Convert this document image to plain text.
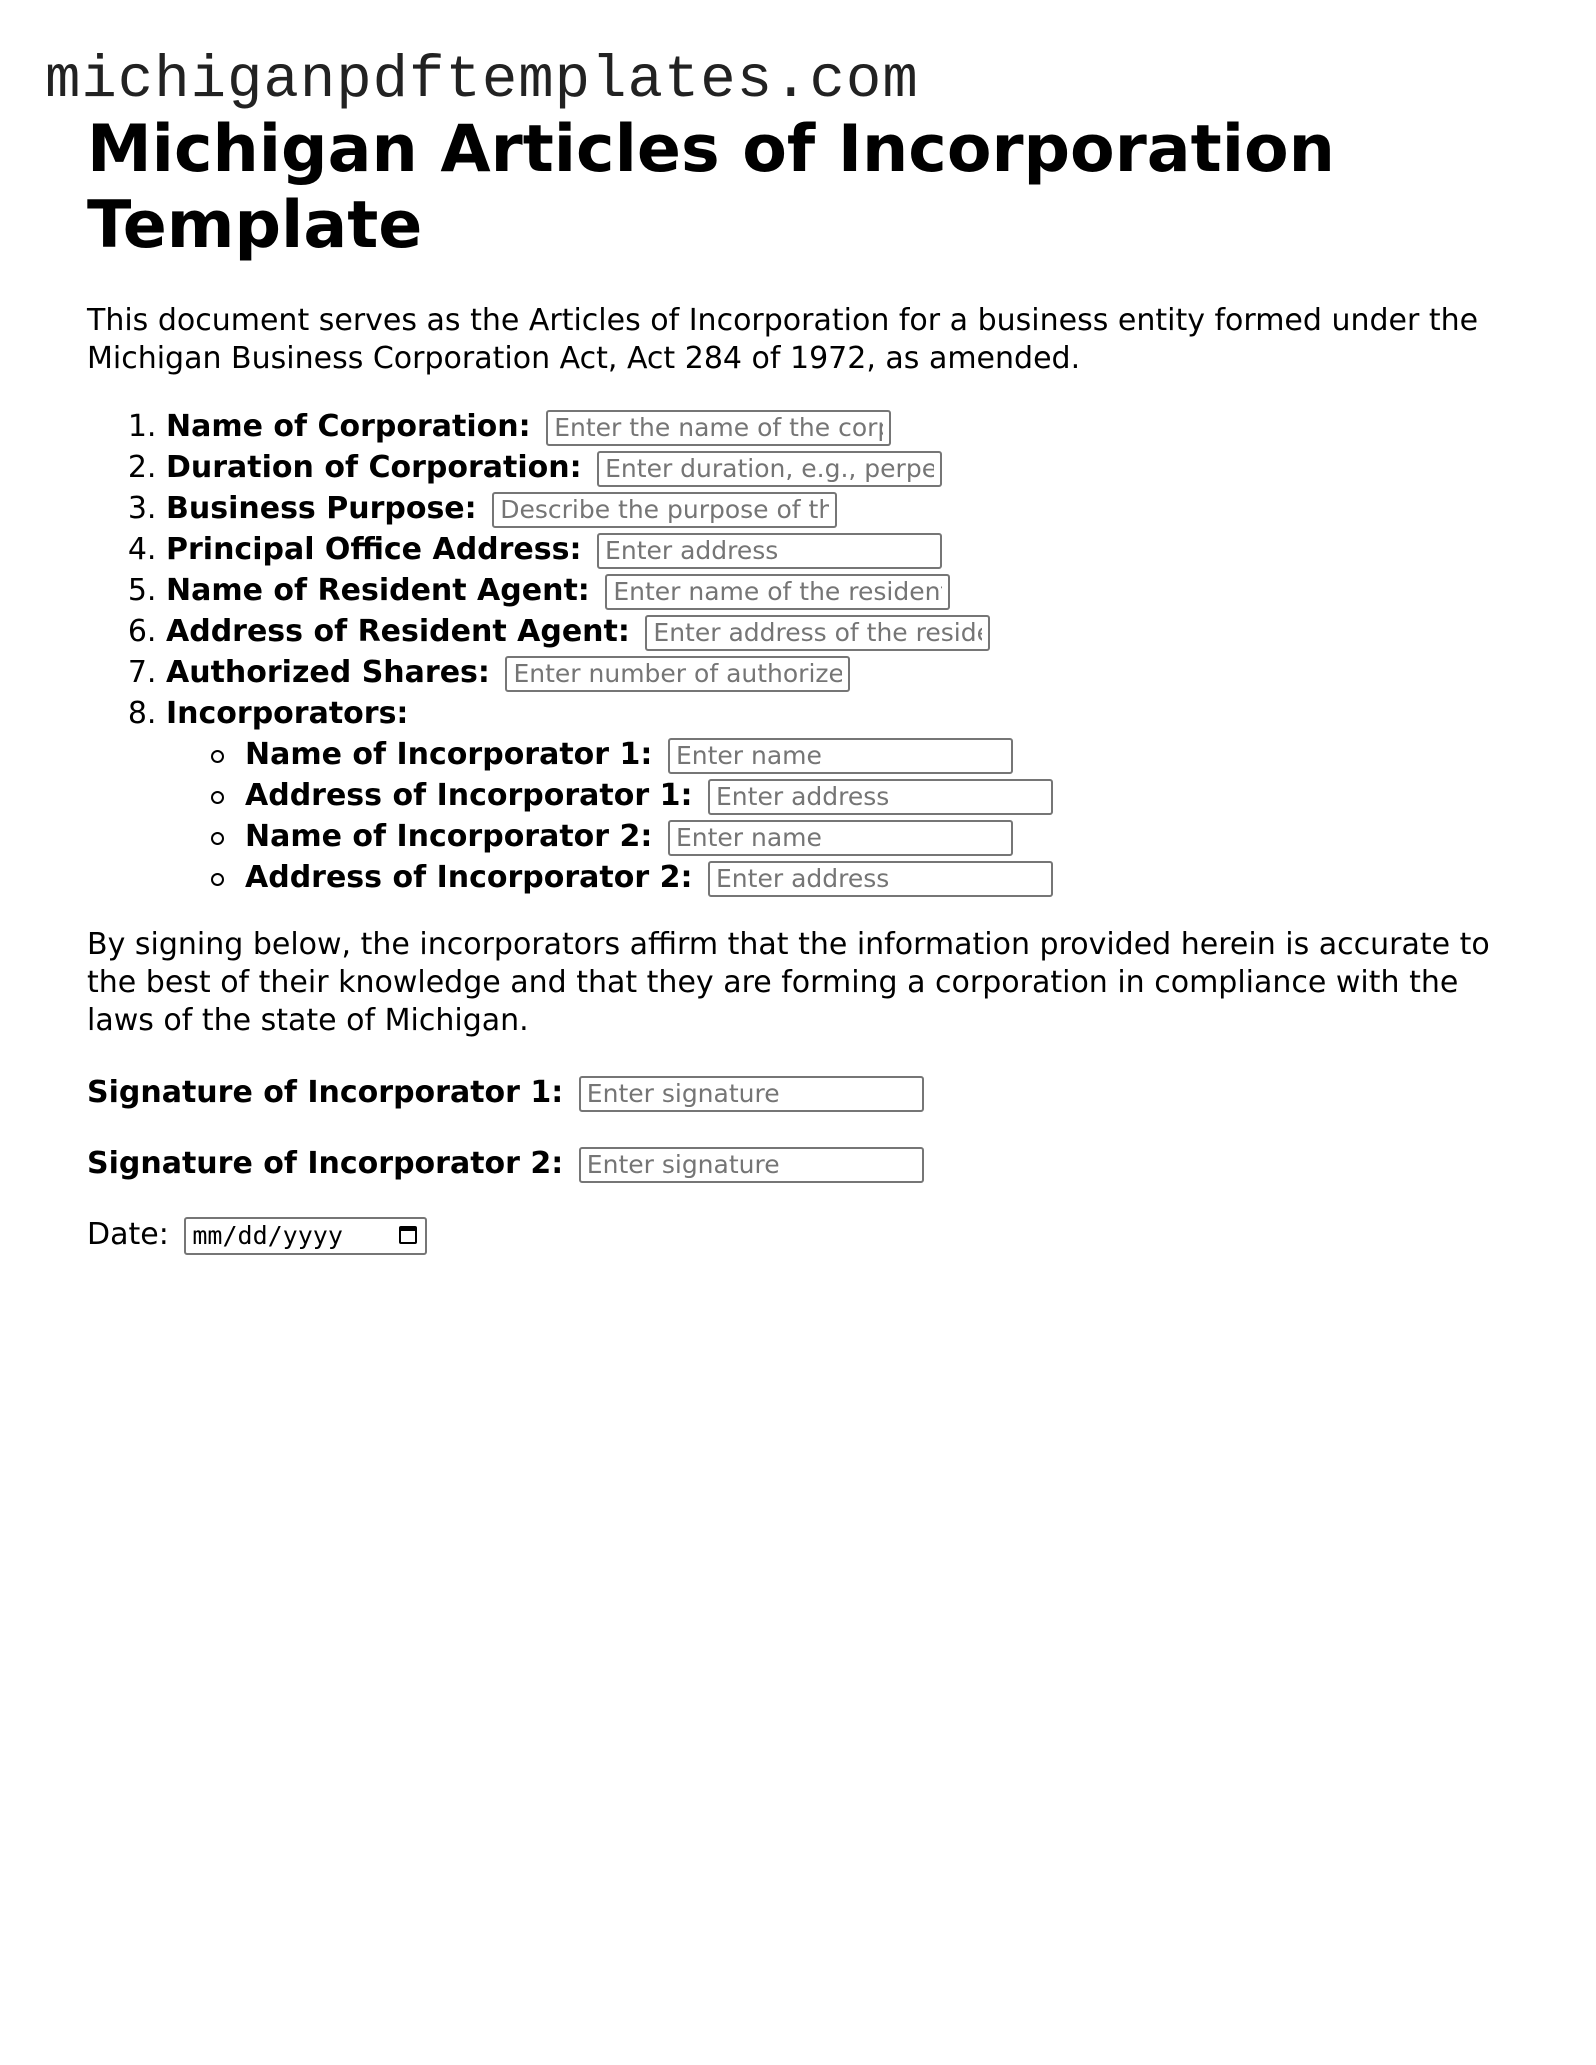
michiganpdftemplates.com
Michigan Articles of Incorporation Template

This document serves as the Articles of Incorporation for a business entity formed under the Michigan Business Corporation Act, Act 284 of 1972, as amended.

1. Name of Corporation: Enter the name of the corporation
2. Duration of Corporation: Enter duration, e.g., perpetual
3. Business Purpose: Describe the purpose of the business
4. Principal Office Address: Enter address
5. Name of Resident Agent: Enter name of the resident agent
6. Address of Resident Agent: Enter address of the resident agent
7. Authorized Shares: Enter number of authorized shares
8. Incorporators:
Name of Incorporator 1: Enter name
Address of Incorporator 1: Enter address
Name of Incorporator 2: Enter name
Address of Incorporator 2: Enter address

By signing below, the incorporators affirm that the information provided herein is accurate to the best of their knowledge and that they are forming a corporation in compliance with the laws of the state of Michigan.

Signature of Incorporator 1: Enter signature
Signature of Incorporator 2: Enter signature
Date: mm/dd/yyyy
